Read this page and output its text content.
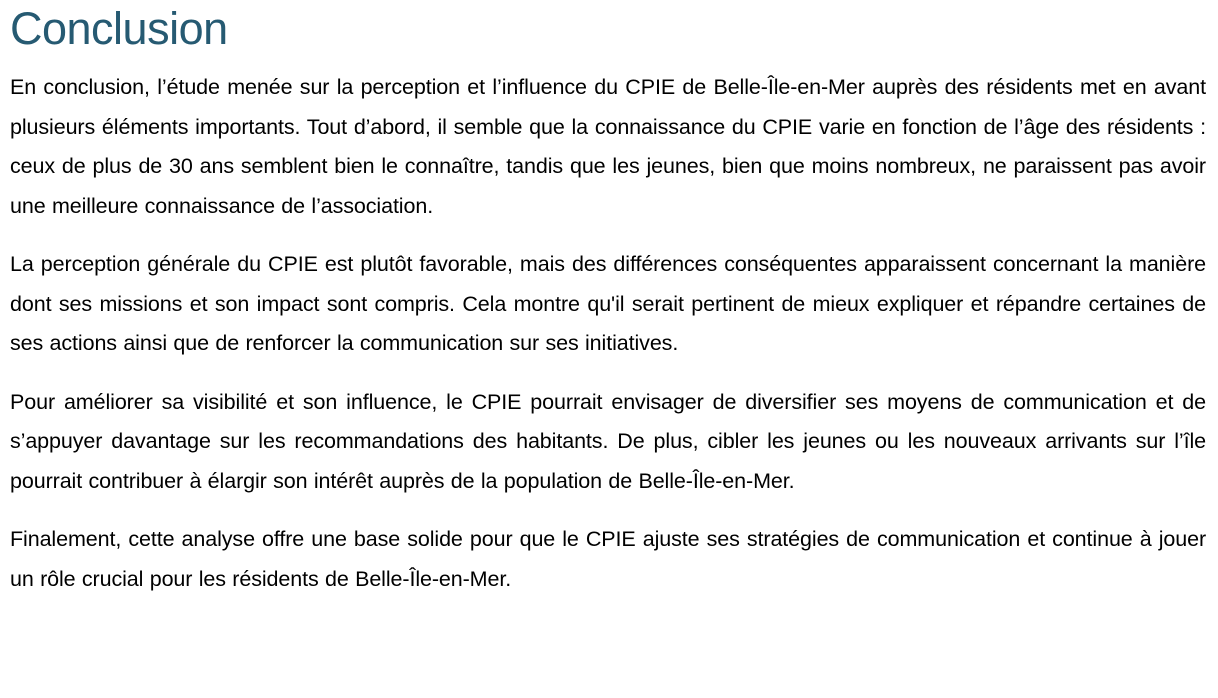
Conclusion

En conclusion, l’étude menée sur la perception et l’influence du CPIE de Belle-Île-en-Mer auprès des résidents met en avant plusieurs éléments importants. Tout d’abord, il semble que la connaissance du CPIE varie en fonction de l’âge des résidents : ceux de plus de 30 ans semblent bien le connaître, tandis que les jeunes, bien que moins nombreux, ne paraissent pas avoir une meilleure connaissance de l’association.

La perception générale du CPIE est plutôt favorable, mais des différences conséquentes apparaissent concernant la manière dont ses missions et son impact sont compris. Cela montre qu'il serait pertinent de mieux expliquer et répandre certaines de ses actions ainsi que de renforcer la communication sur ses initiatives.

Pour améliorer sa visibilité et son influence, le CPIE pourrait envisager de diversifier ses moyens de communication et de s’appuyer davantage sur les recommandations des habitants. De plus, cibler les jeunes ou les nouveaux arrivants sur l’île pourrait contribuer à élargir son intérêt auprès de la population de Belle-Île-en-Mer.

Finalement, cette analyse offre une base solide pour que le CPIE ajuste ses stratégies de communication et continue à jouer un rôle crucial pour les résidents de Belle-Île-en-Mer.
